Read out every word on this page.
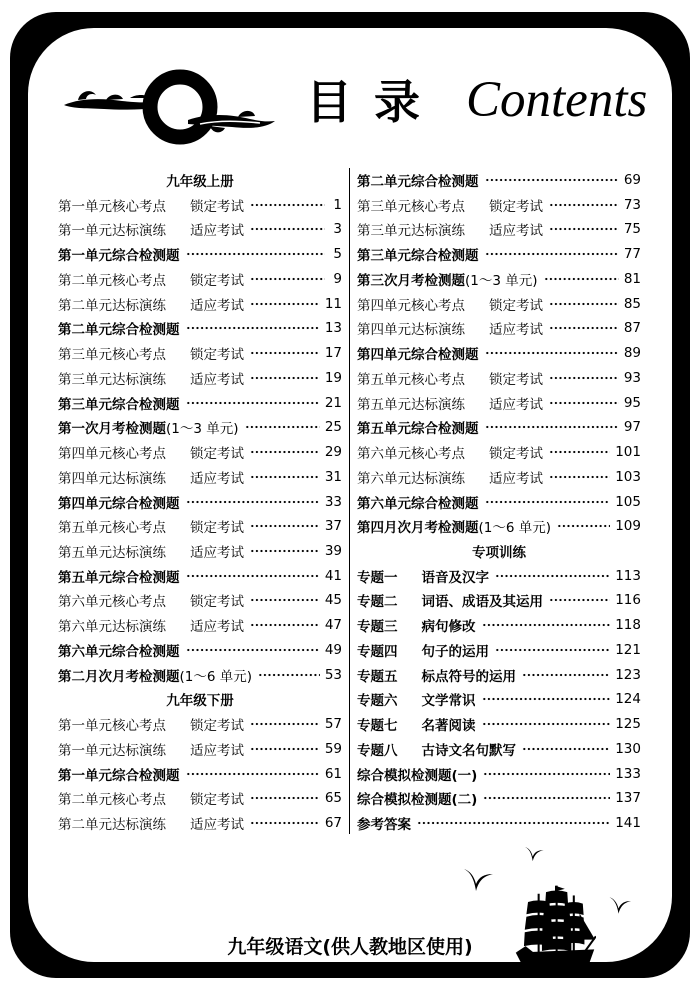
目 录 Contents
九年级上册
第一单元核心考点 锁定考试	1
第一单元达标演练 适应考试	3
第一单元综合检测题	5
第二单元核心考点 锁定考试	9
第二单元达标演练 适应考试	11
第二单元综合检测题	13
第三单元核心考点 锁定考试	17
第三单元达标演练 适应考试	19
第三单元综合检测题	21
第一次月考检测题 (1～3 单元)	25
第四单元核心考点 锁定考试	29
第四单元达标演练 适应考试	31
第四单元综合检测题	33
第五单元核心考点 锁定考试	37
第五单元达标演练 适应考试	39
第五单元综合检测题	41
第六单元核心考点 锁定考试	45
第六单元达标演练 适应考试	47
第六单元综合检测题	49
第二月次月考检测题 (1～6 单元)	53
九年级下册
第一单元核心考点 锁定考试	57
第一单元达标演练 适应考试	59
第一单元综合检测题	61
第二单元核心考点 锁定考试	65
第二单元达标演练 适应考试	67
第二单元综合检测题	69
第三单元核心考点 锁定考试	73
第三单元达标演练 适应考试	75
第三单元综合检测题	77
第三次月考检测题 (1～3 单元)	81
第四单元核心考点 锁定考试	85
第四单元达标演练 适应考试	87
第四单元综合检测题	89
第五单元核心考点 锁定考试	93
第五单元达标演练 适应考试	95
第五单元综合检测题	97
第六单元核心考点 锁定考试	101
第六单元达标演练 适应考试	103
第六单元综合检测题	105
第四月次月考检测题 (1～6 单元)	109
专项训练
专题一 语音及汉字	113
专题二 词语、成语及其运用	116
专题三 病句修改	118
专题四 句子的运用	121
专题五 标点符号的运用	123
专题六 文学常识	124
专题七 名著阅读	125
专题八 古诗文名句默写	130
综合模拟检测题(一)	133
综合模拟检测题(二)	137
参考答案	141
九年级语文(供人教地区使用)
